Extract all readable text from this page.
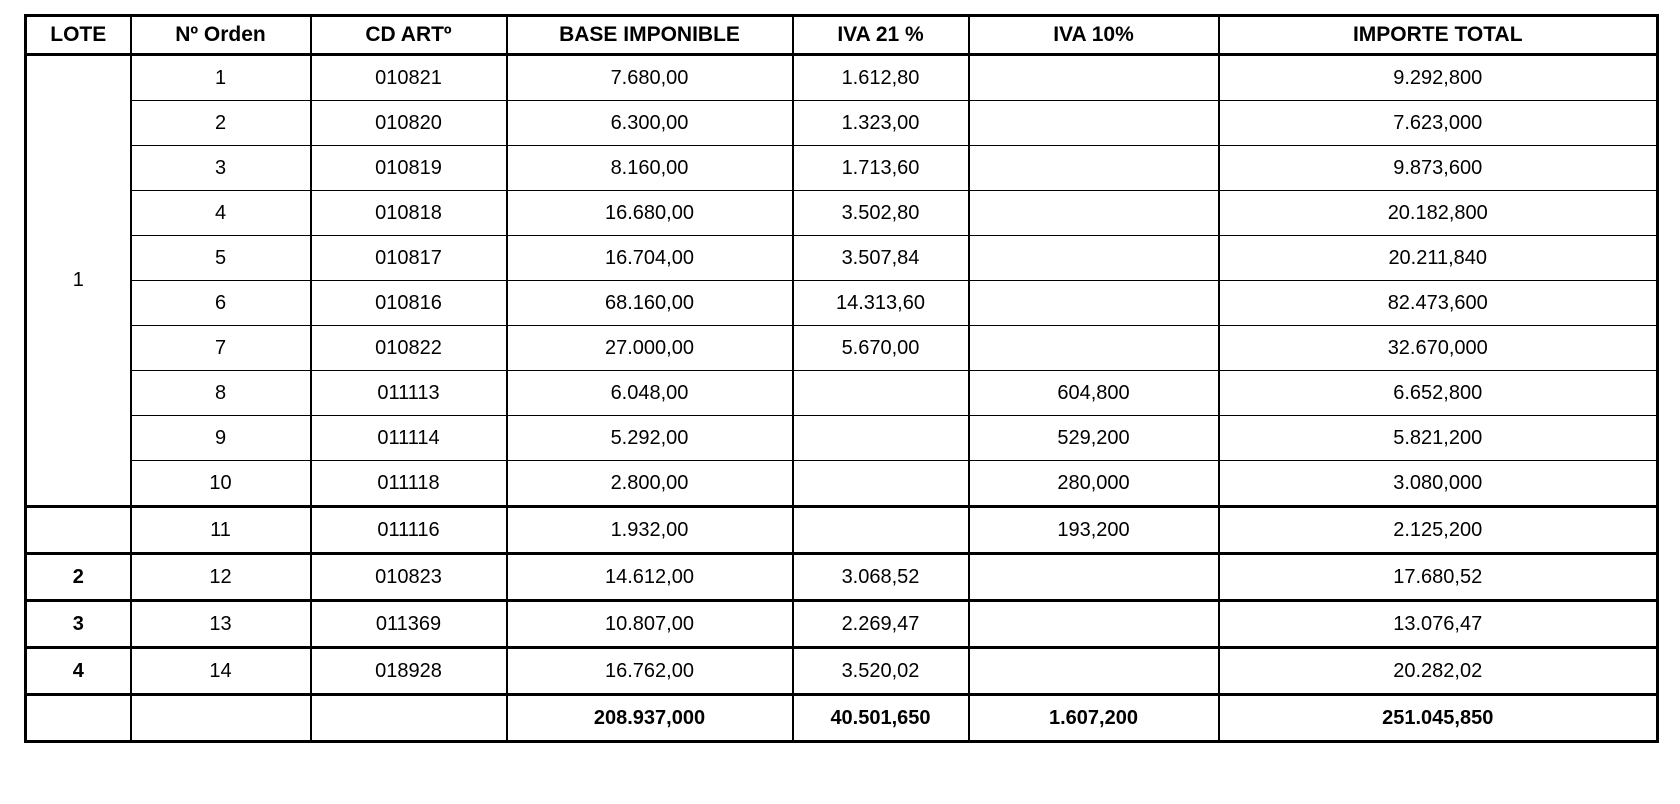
LOTE	Nº Orden	CD ARTº	BASE IMPONIBLE	IVA 21 %	IVA 10%	IMPORTE TOTAL
1	1	010821	7.680,00	1.612,80		9.292,800
	2	010820	6.300,00	1.323,00		7.623,000
	3	010819	8.160,00	1.713,60		9.873,600
	4	010818	16.680,00	3.502,80		20.182,800
	5	010817	16.704,00	3.507,84		20.211,840
	6	010816	68.160,00	14.313,60		82.473,600
	7	010822	27.000,00	5.670,00		32.670,000
	8	011113	6.048,00		604,800	6.652,800
	9	011114	5.292,00		529,200	5.821,200
	10	011118	2.800,00		280,000	3.080,000
	11	011116	1.932,00		193,200	2.125,200
2	12	010823	14.612,00	3.068,52		17.680,52
3	13	011369	10.807,00	2.269,47		13.076,47
4	14	018928	16.762,00	3.520,02		20.282,02
			208.937,000	40.501,650	1.607,200	251.045,850
